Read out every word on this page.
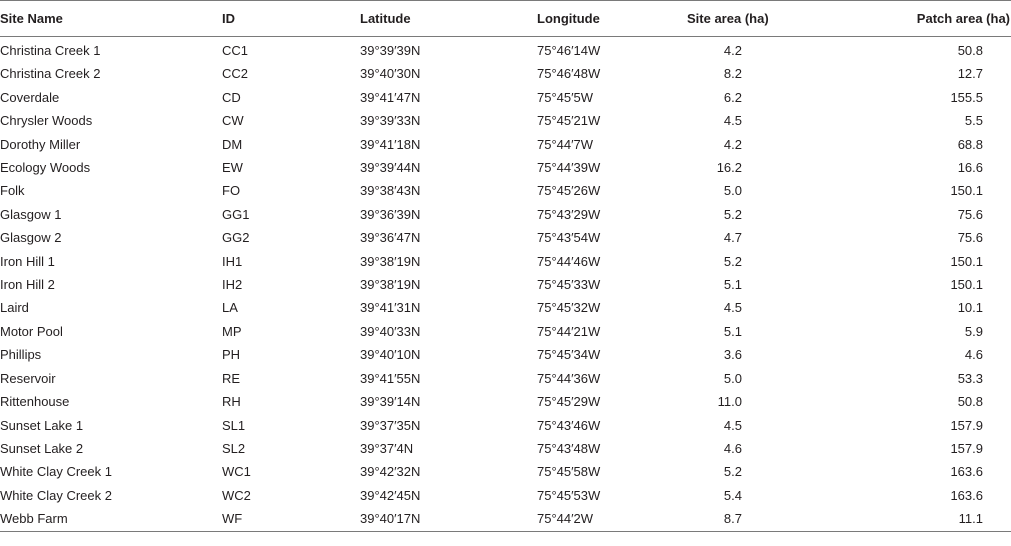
Site Name	ID	Latitude	Longitude	Site area (ha)	Patch area (ha)
Christina Creek 1	CC1	39°39′39N	75°46′14W	4.2	50.8
Christina Creek 2	CC2	39°40′30N	75°46′48W	8.2	12.7
Coverdale	CD	39°41′47N	75°45′5W	6.2	155.5
Chrysler Woods	CW	39°39′33N	75°45′21W	4.5	5.5
Dorothy Miller	DM	39°41′18N	75°44′7W	4.2	68.8
Ecology Woods	EW	39°39′44N	75°44′39W	16.2	16.6
Folk	FO	39°38′43N	75°45′26W	5.0	150.1
Glasgow 1	GG1	39°36′39N	75°43′29W	5.2	75.6
Glasgow 2	GG2	39°36′47N	75°43′54W	4.7	75.6
Iron Hill 1	IH1	39°38′19N	75°44′46W	5.2	150.1
Iron Hill 2	IH2	39°38′19N	75°45′33W	5.1	150.1
Laird	LA	39°41′31N	75°45′32W	4.5	10.1
Motor Pool	MP	39°40′33N	75°44′21W	5.1	5.9
Phillips	PH	39°40′10N	75°45′34W	3.6	4.6
Reservoir	RE	39°41′55N	75°44′36W	5.0	53.3
Rittenhouse	RH	39°39′14N	75°45′29W	11.0	50.8
Sunset Lake 1	SL1	39°37′35N	75°43′46W	4.5	157.9
Sunset Lake 2	SL2	39°37′4N	75°43′48W	4.6	157.9
White Clay Creek 1	WC1	39°42′32N	75°45′58W	5.2	163.6
White Clay Creek 2	WC2	39°42′45N	75°45′53W	5.4	163.6
Webb Farm	WF	39°40′17N	75°44′2W	8.7	11.1
